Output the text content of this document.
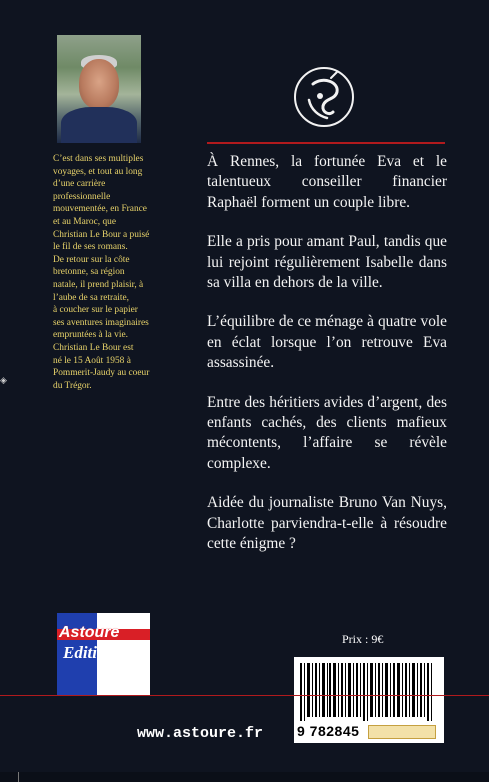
C’est dans ses multiples

voyages, et tout au long

d’une carrière

professionnelle

mouvementée, en France

et au Maroc, que

Christian Le Bour a puisé

le fil de ses romans.

De retour sur la côte

bretonne, sa région

natale, il prend plaisir, à

l’aube de sa retraite,

à coucher sur le papier

ses aventures imaginaires

empruntées à la vie.

Christian Le Bour est

né le 15 Août 1958 à

Pommerit-Jaudy au coeur

du Trégor.

À Rennes, la fortunée Eva et le talentueux conseiller financier Raphaël forment un couple libre.

Elle a pris pour amant Paul, tandis que lui rejoint régulièrement Isabelle dans sa villa en dehors de la ville.

L’équilibre de ce ménage à quatre vole en éclat lorsque l’on retrouve Eva assassinée.

Entre des héritiers avides d’argent, des enfants cachés, des clients mafieux mécontents, l’affaire se révèle complexe.

Aidée du journaliste Bruno Van Nuys, Charlotte parviendra-t-elle à résoudre cette énigme ?

Astoure
Editi
Prix : 9€
9 782845
www.astoure.fr
◈
